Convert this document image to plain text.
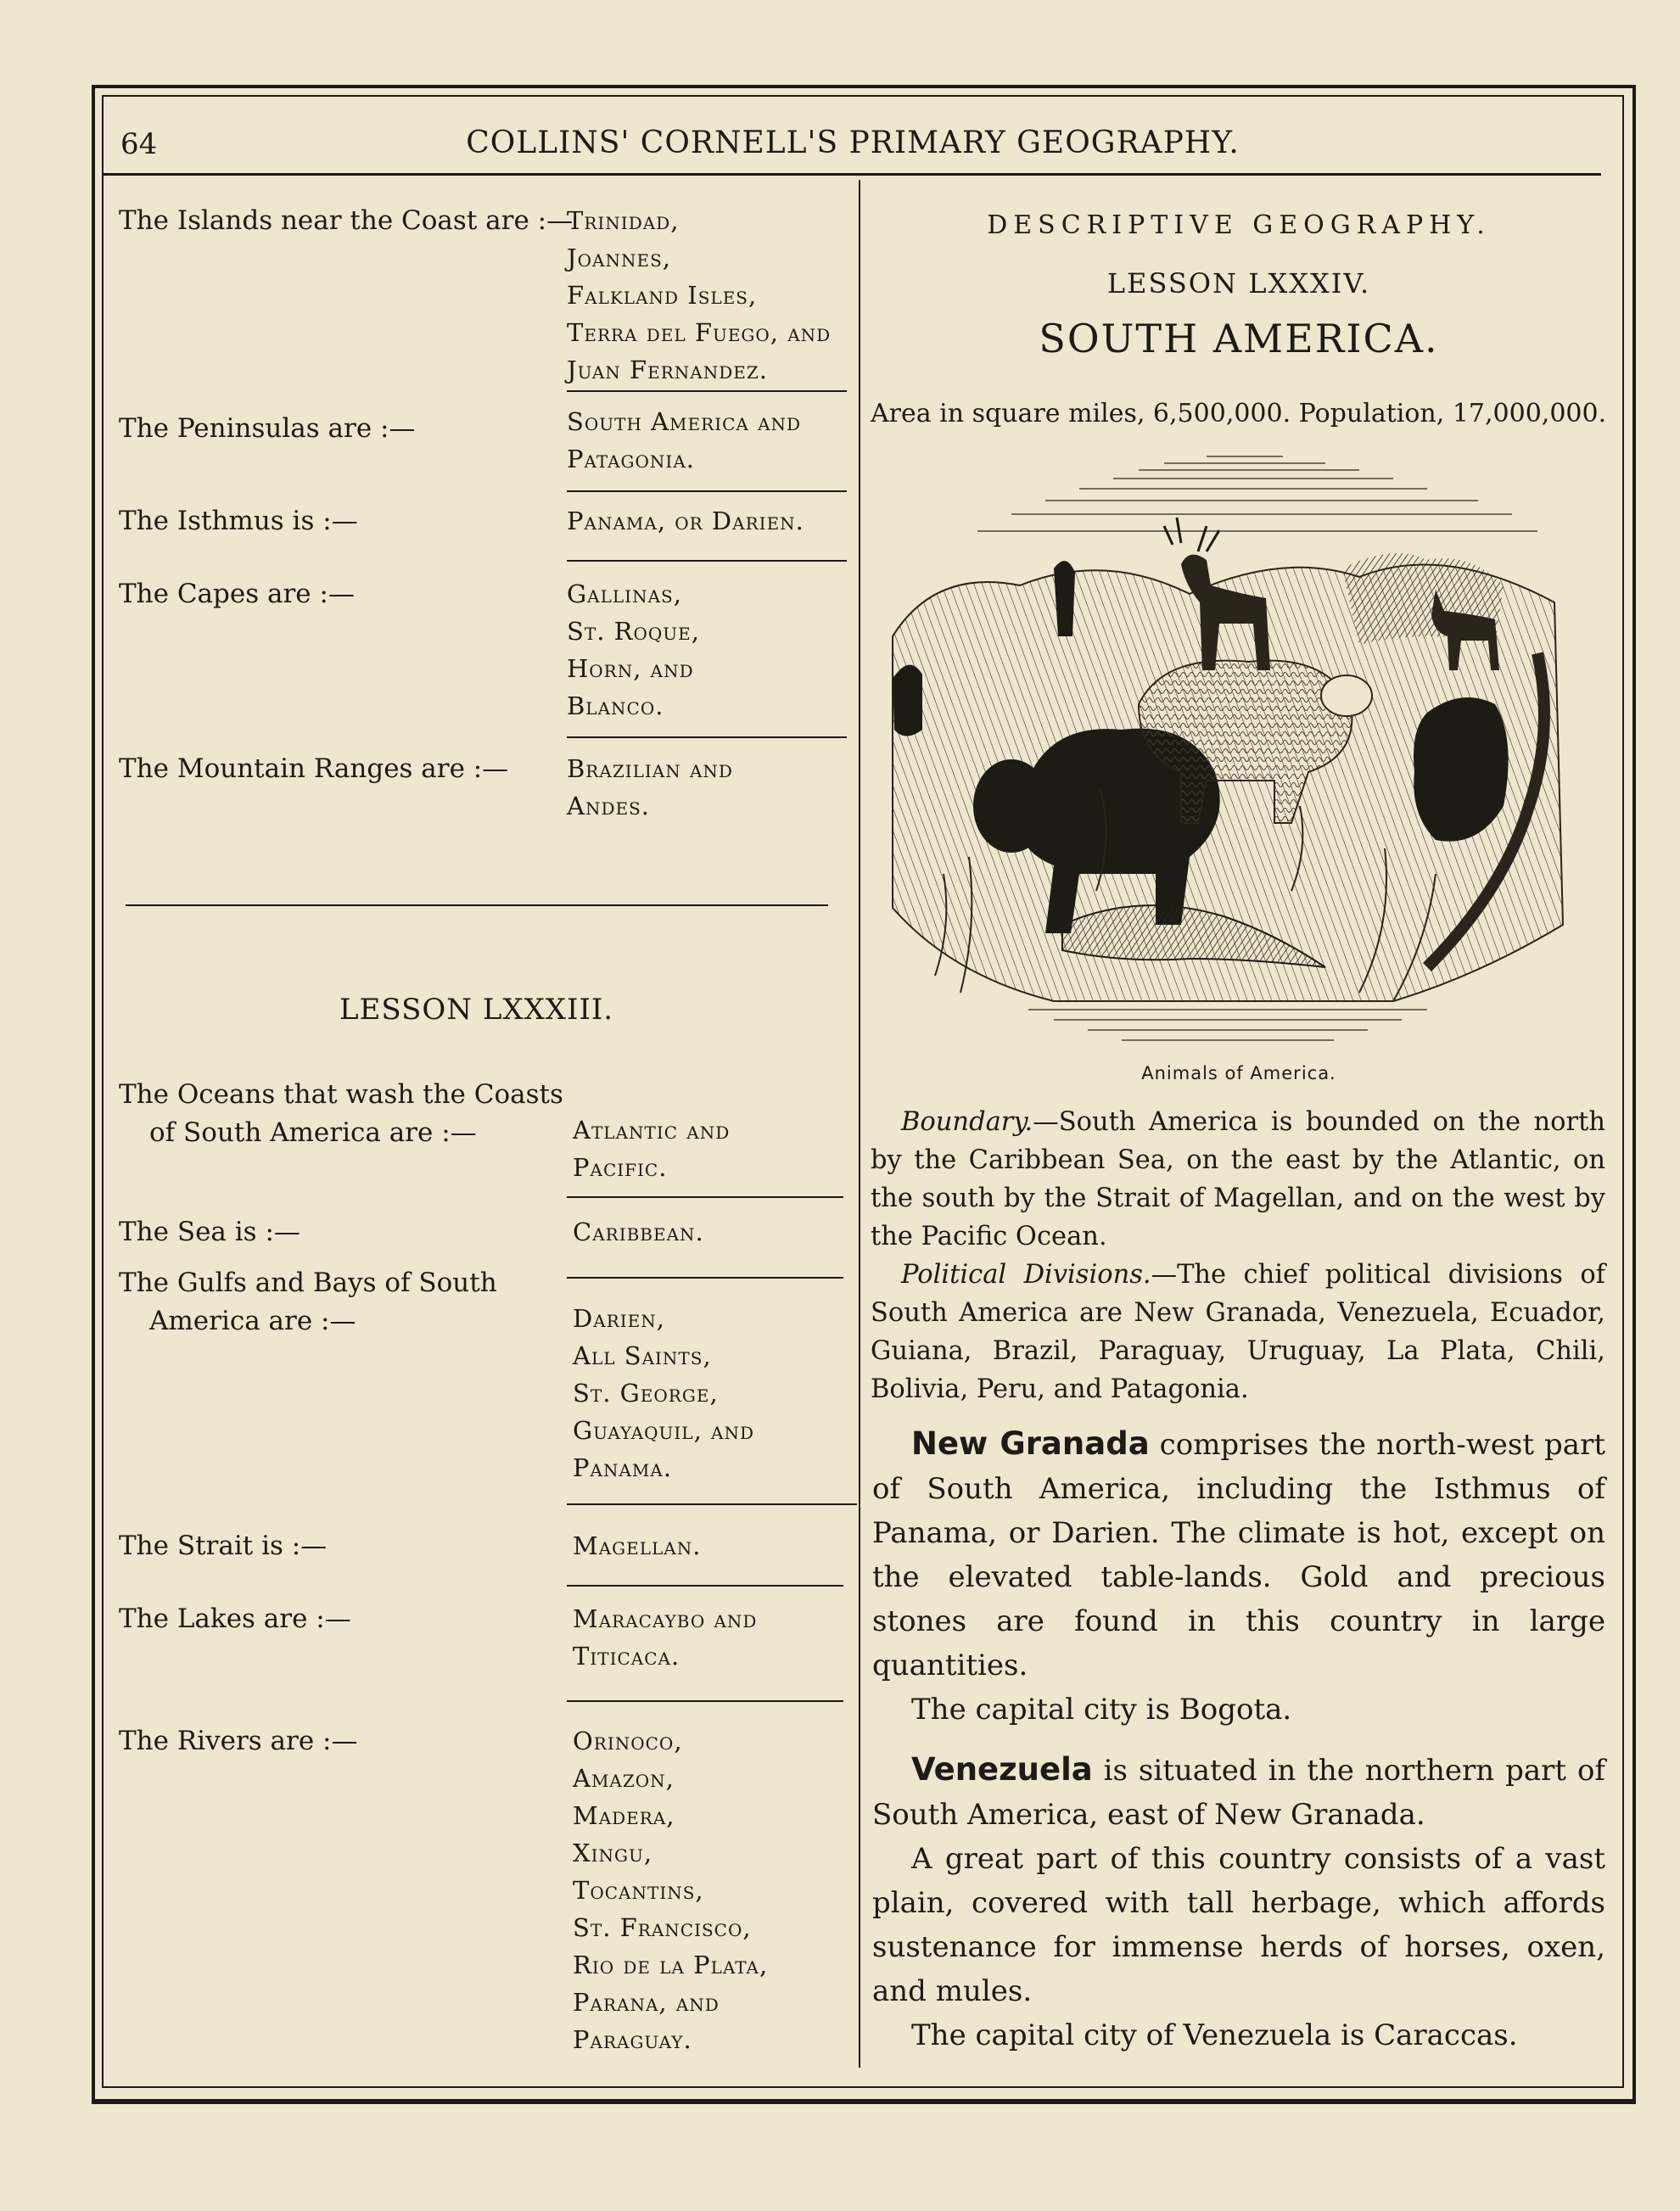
64	COLLINS' CORNELL'S PRIMARY GEOGRAPHY.
The Islands near the Coast are :—
Trinidad,
Joannes,
Falkland Isles,
Terra del Fuego, and
Juan Fernandez.
The Peninsulas are :—	South America and
Patagonia.
The Isthmus is :—	Panama, or Darien.
The Capes are :—	Gallinas,
St. Roque,
Horn, and
Blanco.
The Mountain Ranges are :— Brazilian and
Andes.
LESSON LXXXIII.
The Oceans that wash the Coasts
of South America are :—	Atlantic and
Pacific.
The Sea is :—	Caribbean.
The Gulfs and Bays of South
America are :—	Darien,
All Saints,
St. George,
Guayaquil, and
Panama.
The Strait is :—	Magellan.
The Lakes are :—	Maracaybo and
Titicaca.
The Rivers are :—	Orinoco,
Amazon,
Madera,
Xingu,
Tocantins,
St. Francisco,
Rio de la Plata,
Parana, and
Paraguay.
DESCRIPTIVE GEOGRAPHY.
LESSON LXXXIV.
SOUTH AMERICA.
Area in square miles, 6,500,000. Population, 17,000,000.
Animals of America.

Boundary.—South America is bounded on the north by the Caribbean Sea, on the east by the Atlantic, on the south by the Strait of Magellan, and on the west by the Pacific Ocean.

Political Divisions.—The chief political divisions of South America are New Granada, Venezuela, Ecuador, Guiana, Brazil, Paraguay, Uruguay, La Plata, Chili, Bolivia, Peru, and Patagonia.

New Granada comprises the north-west part of South America, including the Isthmus of Panama, or Darien. The climate is hot, except on the elevated table-lands. Gold and precious stones are found in this country in large quantities.

The capital city is Bogota.

Venezuela is situated in the northern part of South America, east of New Granada.

A great part of this country consists of a vast plain, covered with tall herbage, which affords sustenance for immense herds of horses, oxen, and mules.

The capital city of Venezuela is Caraccas.
